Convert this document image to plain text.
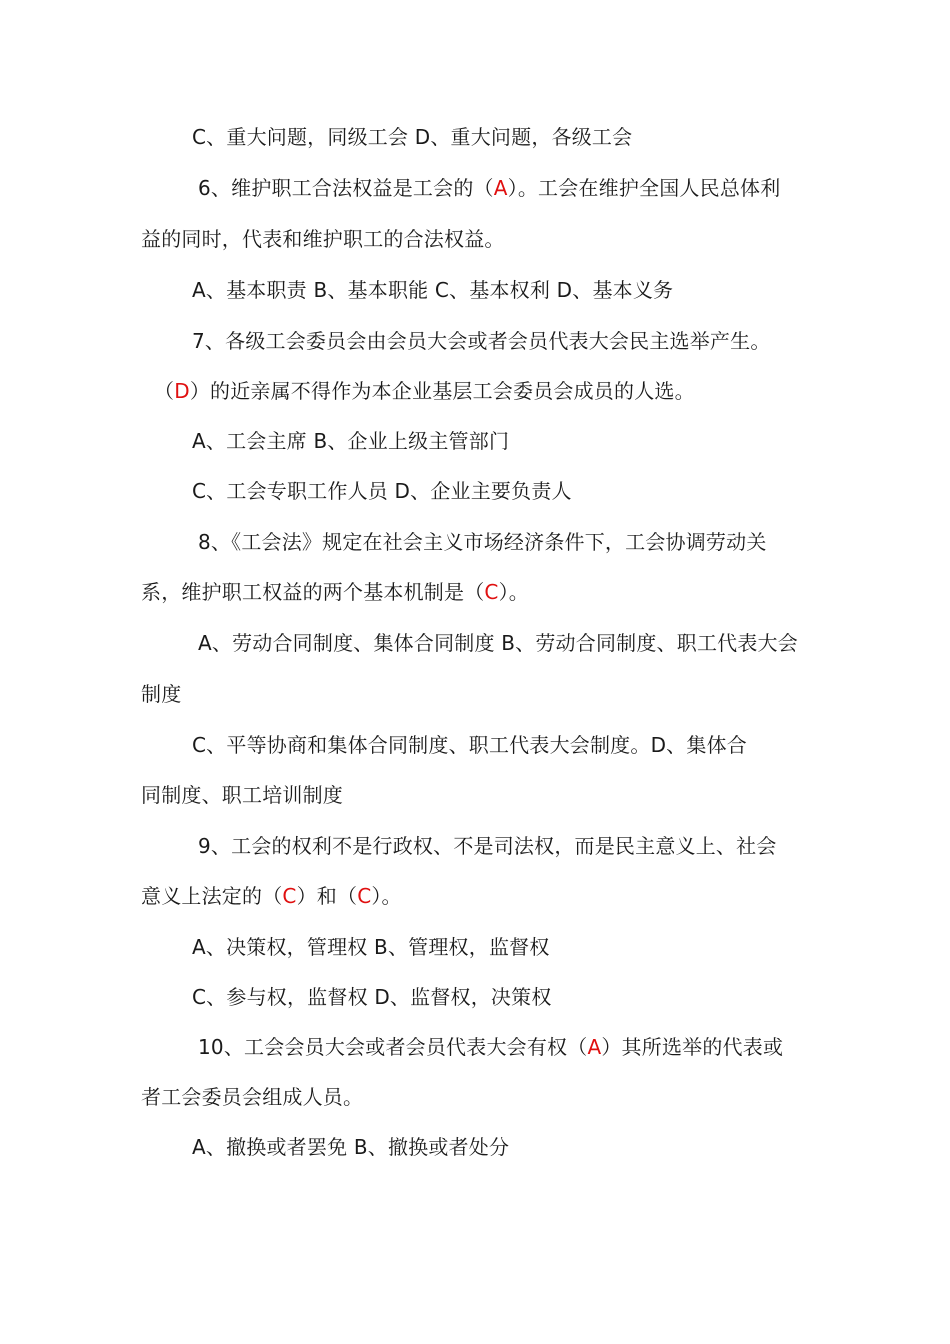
C、重大问题，同级工会 D、重大问题，各级工会
6、维护职工合法权益是工会的（A）。工会在维护全国人民总体利
益的同时，代表和维护职工的合法权益。
A、基本职责 B、基本职能 C、基本权利 D、基本义务
7、各级工会委员会由会员大会或者会员代表大会民主选举产生。
（D）的近亲属不得作为本企业基层工会委员会成员的人选。
A、工会主席 B、企业上级主管部门
C、工会专职工作人员 D、企业主要负责人
8、《工会法》规定在社会主义市场经济条件下，工会协调劳动关
系，维护职工权益的两个基本机制是（C）。
A、劳动合同制度、集体合同制度 B、劳动合同制度、职工代表大会
制度
C、平等协商和集体合同制度、职工代表大会制度。D、集体合
同制度、职工培训制度
9、工会的权利不是行政权、不是司法权，而是民主意义上、社会
意义上法定的（C）和（C）。
A、决策权，管理权 B、管理权，监督权
C、参与权，监督权 D、监督权，决策权
10、工会会员大会或者会员代表大会有权（A）其所选举的代表或
者工会委员会组成人员。
A、撤换或者罢免 B、撤换或者处分
